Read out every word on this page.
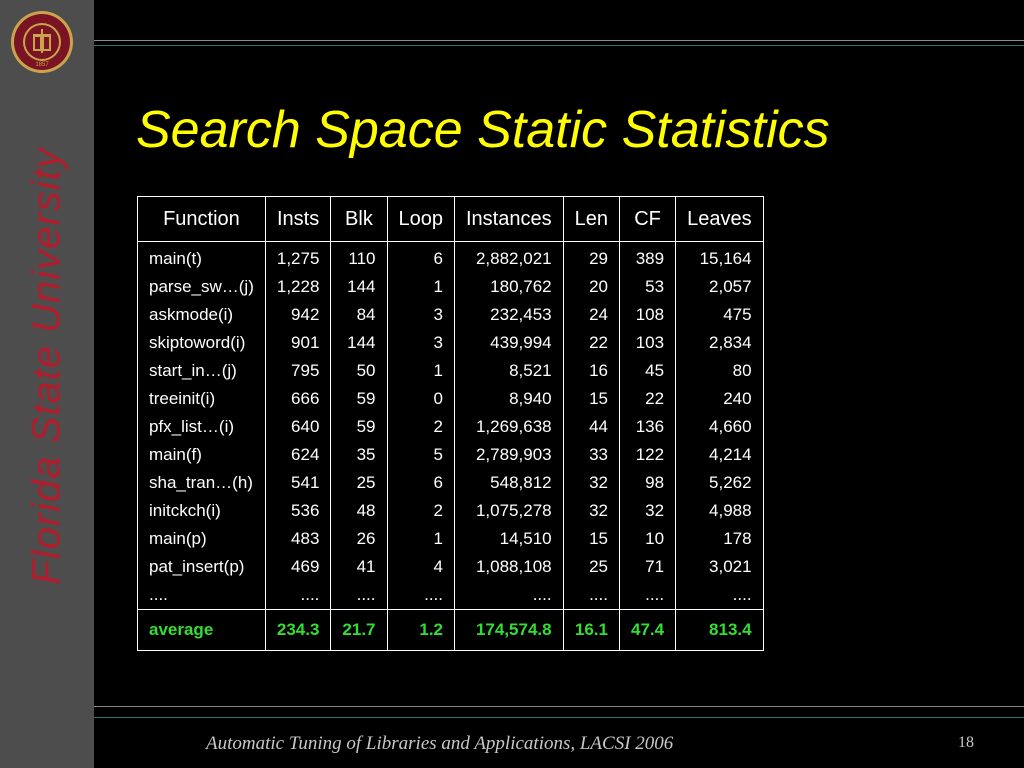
1857
Florida State University
Search Space Static Statistics
Function	Insts	Blk	Loop	Instances	Len	CF	Leaves
main(t)	1,275	110	6	2,882,021	29	389	15,164
parse_sw…(j)	1,228	144	1	180,762	20	53	2,057
askmode(i)	942	84	3	232,453	24	108	475
skiptoword(i)	901	144	3	439,994	22	103	2,834
start_in…(j)	795	50	1	8,521	16	45	80
treeinit(i)	666	59	0	8,940	15	22	240
pfx_list…(i)	640	59	2	1,269,638	44	136	4,660
main(f)	624	35	5	2,789,903	33	122	4,214
sha_tran…(h)	541	25	6	548,812	32	98	5,262
initckch(i)	536	48	2	1,075,278	32	32	4,988
main(p)	483	26	1	14,510	15	10	178
pat_insert(p)	469	41	4	1,088,108	25	71	3,021
....	....	....	....	....	....	....	....
average	234.3	21.7	1.2	174,574.8	16.1	47.4	813.4
Automatic Tuning of Libraries and Applications, LACSI 2006	18
